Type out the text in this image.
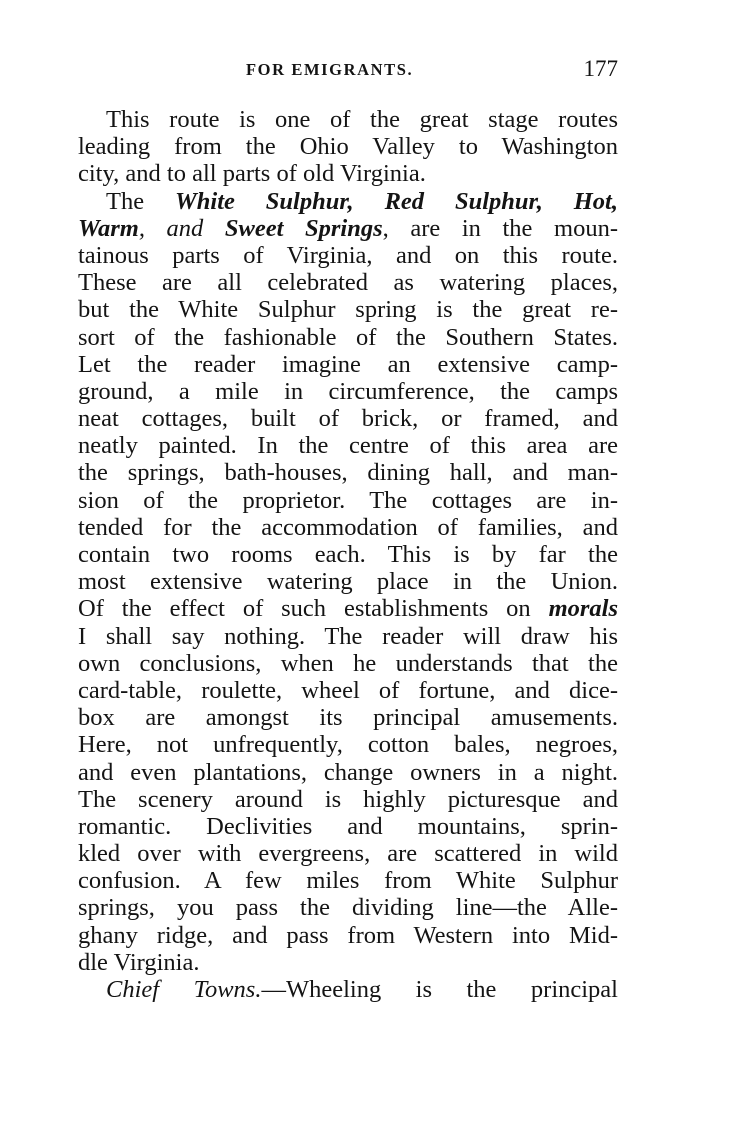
FOR EMIGRANTS.	177
This route is one of the great stage routes
leading from the Ohio Valley to Washington
city, and to all parts of old Virginia.
The White Sulphur, Red Sulphur, Hot,
Warm, and Sweet Springs, are in the moun-
tainous parts of Virginia, and on this route.
These are all celebrated as watering places,
but the White Sulphur spring is the great re-
sort of the fashionable of the Southern States.
Let the reader imagine an extensive camp-
ground, a mile in circumference, the camps
neat cottages, built of brick, or framed, and
neatly painted. In the centre of this area are
the springs, bath-houses, dining hall, and man-
sion of the proprietor. The cottages are in-
tended for the accommodation of families, and
contain two rooms each. This is by far the
most extensive watering place in the Union.
Of the effect of such establishments on morals
I shall say nothing. The reader will draw his
own conclusions, when he understands that the
card-table, roulette, wheel of fortune, and dice-
box are amongst its principal amusements.
Here, not unfrequently, cotton bales, negroes,
and even plantations, change owners in a night.
The scenery around is highly picturesque and
romantic. Declivities and mountains, sprin-
kled over with evergreens, are scattered in wild
confusion. A few miles from White Sulphur
springs, you pass the dividing line—the Alle-
ghany ridge, and pass from Western into Mid-
dle Virginia.
Chief Towns.—Wheeling is the principal
